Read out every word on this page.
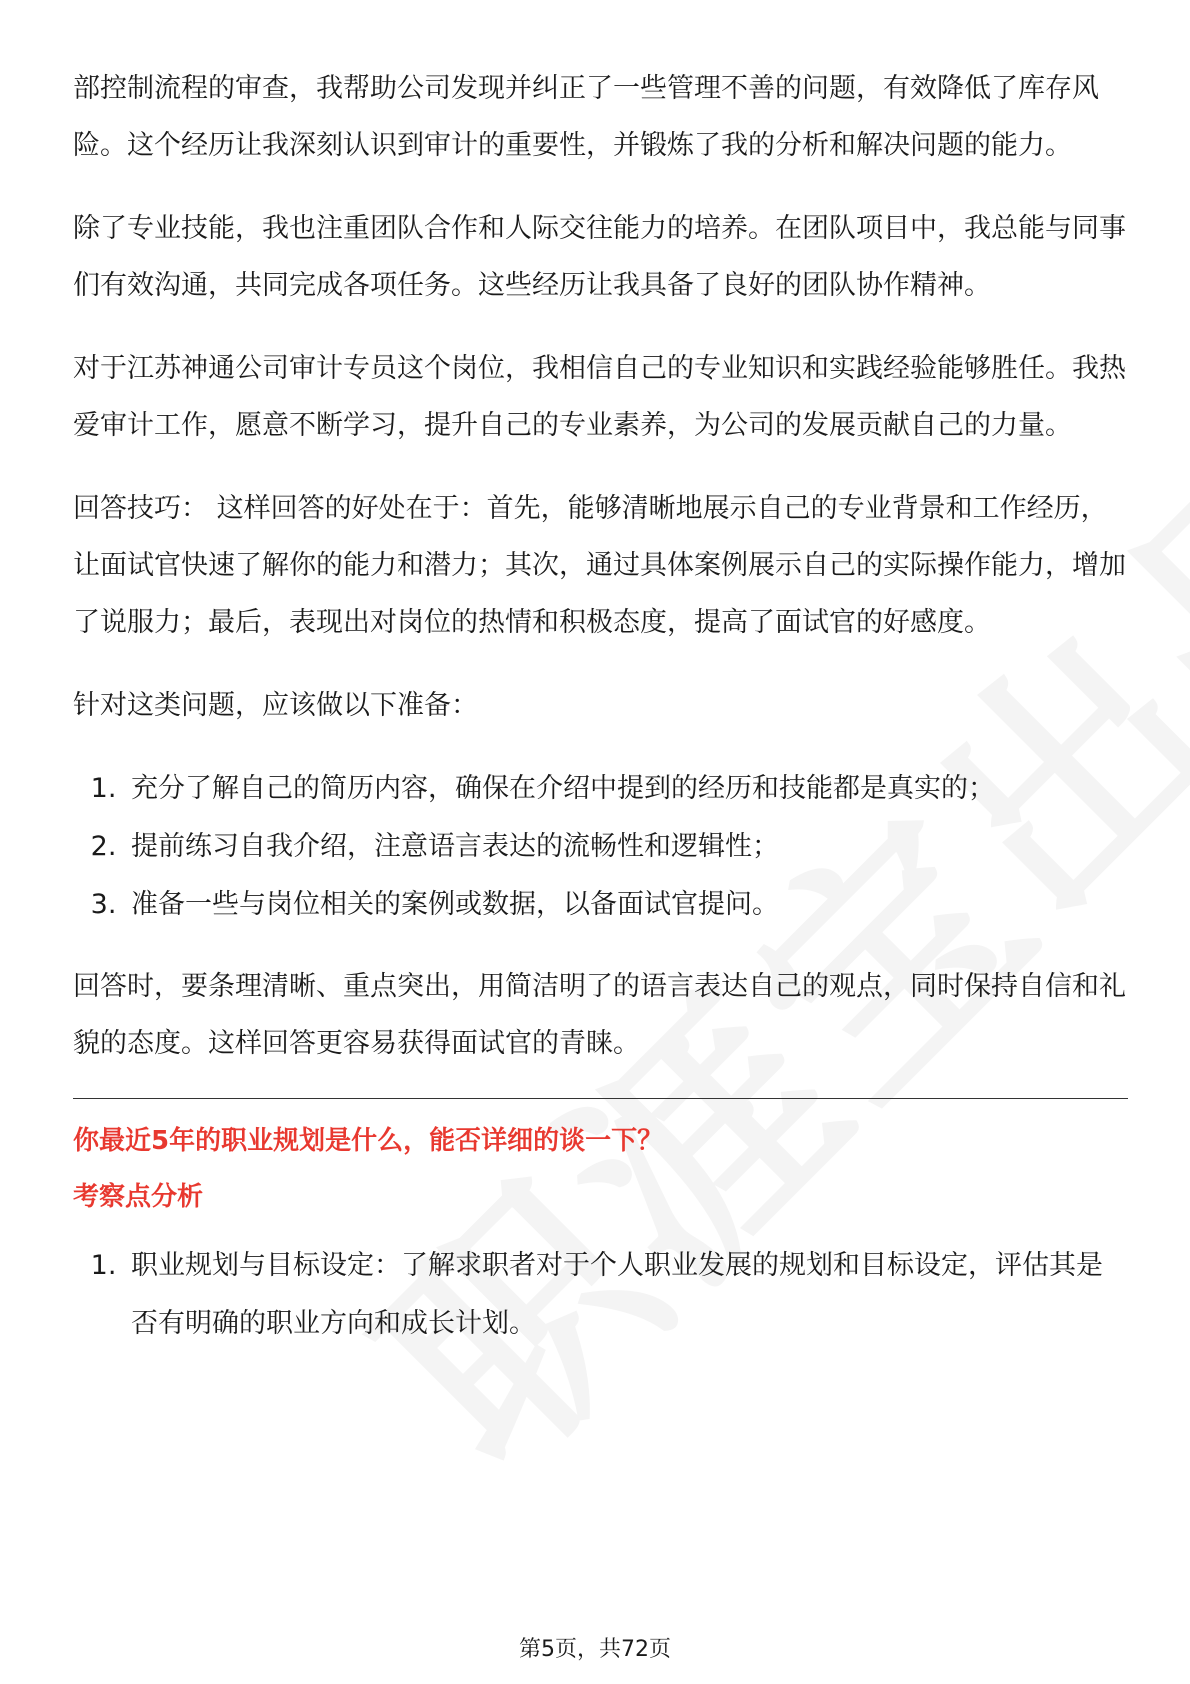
部控制流程的审查，我帮助公司发现并纠正了一些管理不善的问题，有效降低了库存风险。这个经历让我深刻认识到审计的重要性，并锻炼了我的分析和解决问题的能力。

除了专业技能，我也注重团队合作和人际交往能力的培养。在团队项目中，我总能与同事们有效沟通，共同完成各项任务。这些经历让我具备了良好的团队协作精神。

对于江苏神通公司审计专员这个岗位，我相信自己的专业知识和实践经验能够胜任。我热爱审计工作，愿意不断学习，提升自己的专业素养，为公司的发展贡献自己的力量。

回答技巧： 这样回答的好处在于：首先，能够清晰地展示自己的专业背景和工作经历，让面试官快速了解你的能力和潜力；其次，通过具体案例展示自己的实际操作能力，增加了说服力；最后，表现出对岗位的热情和积极态度，提高了面试官的好感度。

针对这类问题，应该做以下准备：

1. 充分了解自己的简历内容，确保在介绍中提到的经历和技能都是真实的；
2. 提前练习自我介绍，注意语言表达的流畅性和逻辑性；
3. 准备一些与岗位相关的案例或数据，以备面试官提问。

回答时，要条理清晰、重点突出，用简洁明了的语言表达自己的观点，同时保持自信和礼貌的态度。这样回答更容易获得面试官的青睐。

你最近5年的职业规划是什么，能否详细的谈一下？
考察点分析
1. 职业规划与目标设定：了解求职者对于个人职业发展的规划和目标设定，评估其是否有明确的职业方向和成长计划。
第5页，共72页
